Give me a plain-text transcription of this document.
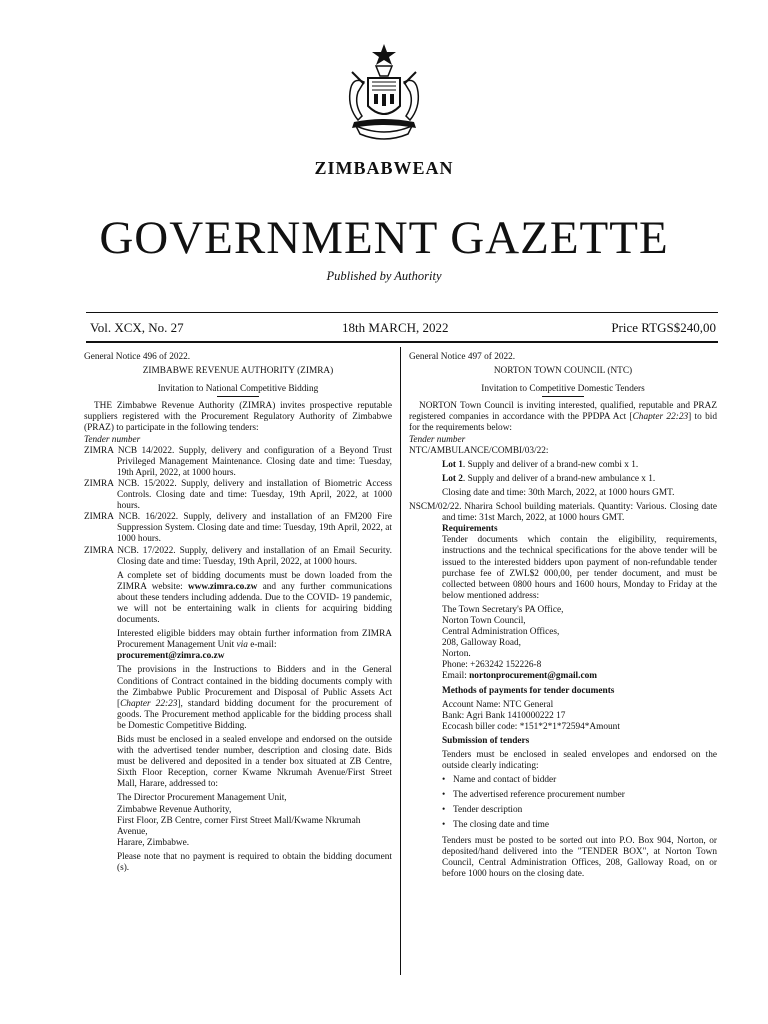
ZIMBABWEAN
GOVERNMENT GAZETTE
Published by Authority
Vol. XCX, No. 27	18th MARCH, 2022	Price RTGS$240,00

General Notice 496 of 2022.

ZIMBABWE REVENUE AUTHORITY (ZIMRA)

Invitation to National Competitive Bidding

THE Zimbabwe Revenue Authority (ZIMRA) invites prospective reputable suppliers registered with the Procurement Regulatory Authority of Zimbabwe (PRAZ) to participate in the following tenders:

Tender number

ZIMRA NCB 14/2022. Supply, delivery and configuration of a Beyond Trust Privileged Management Maintenance. Closing date and time: Tuesday, 19th April, 2022, at 1000 hours.

ZIMRA NCB. 15/2022. Supply, delivery and installation of Biometric Access Controls. Closing date and time: Tuesday, 19th April, 2022, at 1000 hours.

ZIMRA NCB. 16/2022. Supply, delivery and installation of an FM200 Fire Suppression System. Closing date and time: Tuesday, 19th April, 2022, at 1000 hours.

ZIMRA NCB. 17/2022. Supply, delivery and installation of an Email Security. Closing date and time: Tuesday, 19th April, 2022, at 1000 hours.

A complete set of bidding documents must be down loaded from the ZIMRA website: www.zimra.co.zw and any further communications about these tenders including addenda. Due to the COVID- 19 pandemic, we will not be entertaining walk in clients for acquiring bidding documents.

Interested eligible bidders may obtain further information from ZIMRA Procurement Management Unit via e-mail:
procurement@zimra.co.zw

The provisions in the Instructions to Bidders and in the General Conditions of Contract contained in the bidding documents comply with the Zimbabwe Public Procurement and Disposal of Public Assets Act [Chapter 22:23], standard bidding document for the procurement of goods. The Procurement method applicable for the bidding process shall be Domestic Competitive Bidding.

Bids must be enclosed in a sealed envelope and endorsed on the outside with the advertised tender number, description and closing date. Bids must be delivered and deposited in a tender box situated at ZB Centre, Sixth Floor Reception, corner Kwame Nkrumah Avenue/First Street Mall, Harare, addressed to:

The Director Procurement Management Unit,
Zimbabwe Revenue Authority,
First Floor, ZB Centre, corner First Street Mall/Kwame Nkrumah Avenue,
Harare, Zimbabwe.

Please note that no payment is required to obtain the bidding document (s).

General Notice 497 of 2022.

NORTON TOWN COUNCIL (NTC)

Invitation to Competitive Domestic Tenders

NORTON Town Council is inviting interested, qualified, reputable and PRAZ registered companies in accordance with the PPDPA Act [Chapter 22:23] to bid for the requirements below:

Tender number

NTC/AMBULANCE/COMBI/03/22:

Lot 1. Supply and deliver of a brand-new combi x 1.

Lot 2. Supply and deliver of a brand-new ambulance x 1.

Closing date and time: 30th March, 2022, at 1000 hours GMT.

NSCM/02/22. Nharira School building materials. Quantity: Various. Closing date and time: 31st March, 2022, at 1000 hours GMT.

Requirements

Tender documents which contain the eligibility, requirements, instructions and the technical specifications for the above tender will be issued to the interested bidders upon payment of non-refundable tender purchase fee of ZWL$2 000,00, per tender document, and must be collected between 0800 hours and 1600 hours, Monday to Friday at the below mentioned address:

The Town Secretary's PA Office,
Norton Town Council,
Central Administration Offices,
208, Galloway Road,
Norton.
Phone: +263242 152226-8

Email: nortonprocurement@gmail.com

Methods of payments for tender documents

Account Name: NTC General
Bank: Agri Bank 1410000222 17
Ecocash biller code: *151*2*1*72594*Amount

Submission of tenders

Tenders must be enclosed in sealed envelopes and endorsed on the outside clearly indicating:

• Name and contact of bidder
• The advertised reference procurement number
• Tender description
• The closing date and time

Tenders must be posted to be sorted out into P.O. Box 904, Norton, or deposited/hand delivered into the "TENDER BOX", at Norton Town Council, Central Administration Offices, 208, Galloway Road, on or before 1000 hours on the closing date.
